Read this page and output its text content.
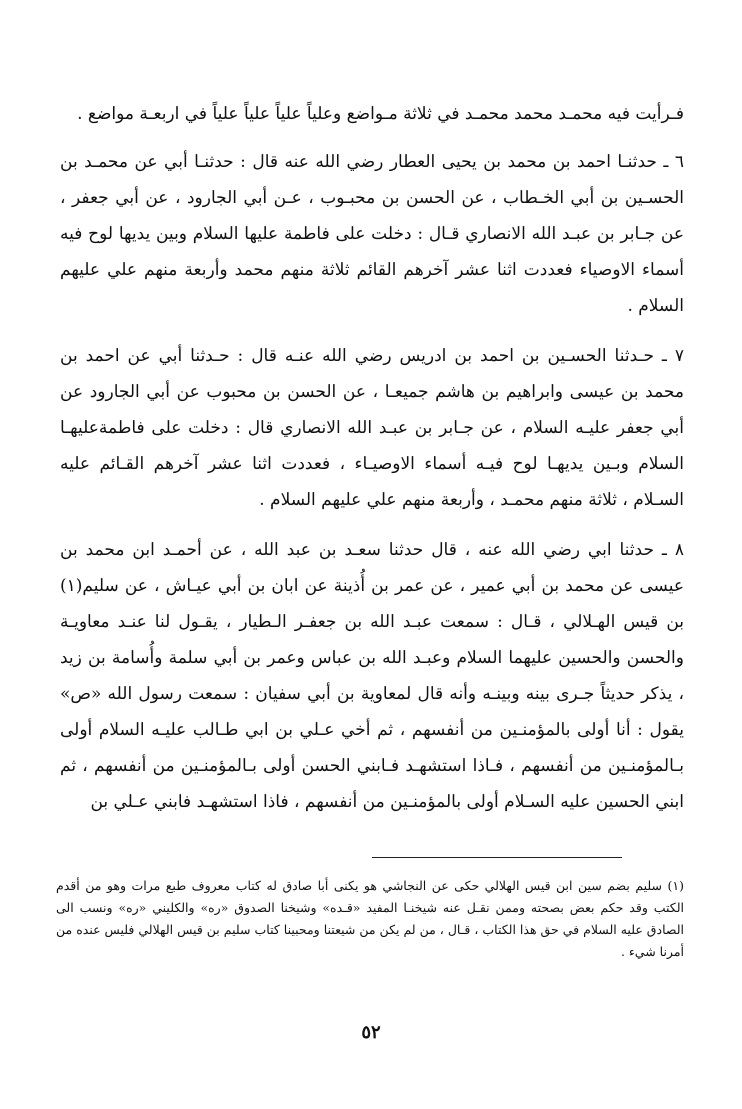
فـرأيت فيه محمـد محمد محمـد في ثلاثة مـواضع وعلياً علياً علياً علياً في اربعـة مواضع .

٦ ـ حدثنـا احمد بن محمد بن يحيى العطار رضي الله عنه قال : حدثنـا أبي عن محمـد بن الحسـين بن أبي الخـطاب ، عن الحسن بن محبـوب ، عـن أبي الجارود ، عن أبي جعفر ، عن جـابر بن عبـد الله الانصاري قـال : دخلت على فاطمة عليها السلام وبين يديها لوح فيه أسماء الاوصياء فعددت اثنا عشر آخرهم القائم ثلاثة منهم محمد وأربعة منهم علي عليهم السلام .

٧ ـ حـدثنا الحسـين بن احمد بن ادريس رضي الله عنـه قال : حـدثنا أبي عن احمد بن محمد بن عيسى وابراهيم بن هاشم جميعـا ، عن الحسن بن محبوب عن أبي الجارود عن أبي جعفر عليـه السلام ، عن جـابر بن عبـد الله الانصاري قال : دخلت على فاطمةعليهـا السلام وبـين يديهـا لوح فيـه أسماء الاوصيـاء ، فعددت اثنا عشر آخرهم القـائم عليه السـلام ، ثلاثة منهم محمـد ، وأربعة منهم علي عليهم السلام .

٨ ـ حدثنا ابي رضي الله عنه ، قال حدثنا سعـد بن عبد الله ، عن أحمـد ابن محمد بن عيسى عن محمد بن أبي عمير ، عن عمر بن أُذينة عن ابان بن أبي عيـاش ، عن سليم(١) بن قيس الهـلالي ، قـال : سمعت عبـد الله بن جعفـر الـطيار ، يقـول لنا عنـد معاويـة والحسن والحسين عليهما السلام وعبـد الله بن عباس وعمر بن أبي سلمة وأُسامة بن زيد ، يذكر حديثاً جـرى بينه وبينـه وأنه قال لمعاوية بن أبي سفيان : سمعت رسول الله «ص» يقول : أنا أولى بالمؤمنـين من أنفسهم ، ثم أخي عـلي بن ابي طـالب عليـه السلام أولى بـالمؤمنـين من أنفسهم ، فـاذا استشهـد فـابني الحسن أولى بـالمؤمنـين من أنفسهم ، ثم ابني الحسين عليه السـلام أولى بالمؤمنـين من أنفسهم ، فاذا استشهـد فابني عـلي بن

(١) سليم بضم سين ابن قيس الهلالي حكى عن النجاشي هو يكنى أبا صادق له كتاب معروف طبع مرات وهو من أقدم الكتب وقد حكم بعض بصحته وممن نقـل عنه شيخنـا المفيد «قـده» وشيخنا الصدوق «ره» والكليني «ره» ونسب الى الصادق عليه السلام في حق هذا الكتاب ، قـال ، من لم يكن من شيعتنا ومحبينا كتاب سليم بن قيس الهلالي فليس عنده من أمرنا شيء .
٥٢
